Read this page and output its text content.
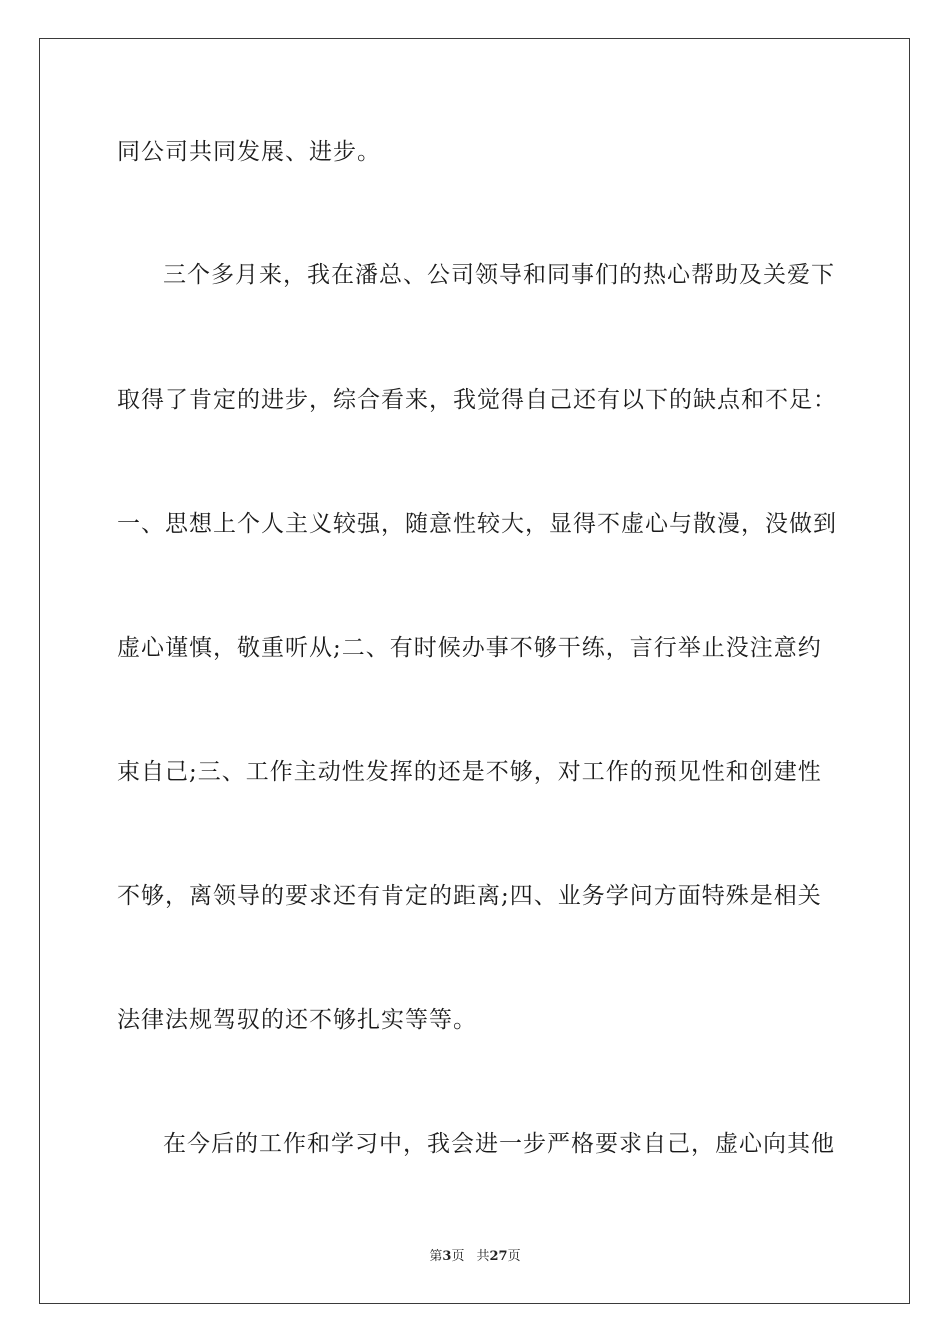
同公司共同发展、进步。
三个多月来，我在潘总、公司领导和同事们的热心帮助及关爱下
取得了肯定的进步，综合看来，我觉得自己还有以下的缺点和不足：
一、思想上个人主义较强，随意性较大，显得不虚心与散漫，没做到
虚心谨慎，敬重听从;二、有时候办事不够干练，言行举止没注意约
束自己;三、工作主动性发挥的还是不够，对工作的预见性和创建性
不够，离领导的要求还有肯定的距离;四、业务学问方面特殊是相关
法律法规驾驭的还不够扎实等等。
在今后的工作和学习中，我会进一步严格要求自己，虚心向其他
第3页 共27页
